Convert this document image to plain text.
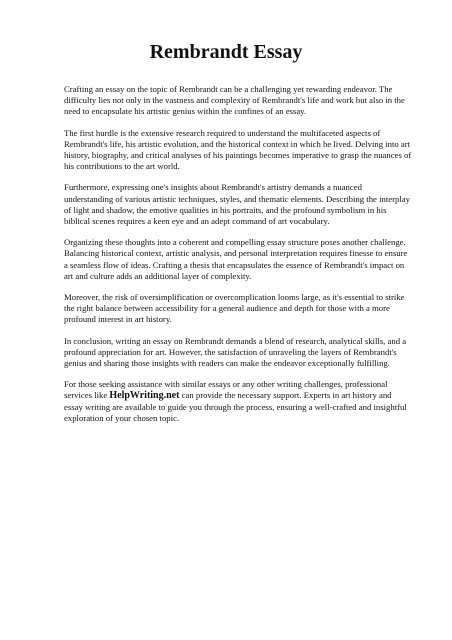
Rembrandt Essay

Crafting an essay on the topic of Rembrandt can be a challenging yet rewarding endeavor. The difficulty lies not only in the vastness and complexity of Rembrandt's life and work but also in the need to encapsulate his artistic genius within the confines of an essay.

The first hurdle is the extensive research required to understand the multifaceted aspects of Rembrandt's life, his artistic evolution, and the historical context in which he lived. Delving into art history, biography, and critical analyses of his paintings becomes imperative to grasp the nuances of his contributions to the art world.

Furthermore, expressing one's insights about Rembrandt's artistry demands a nuanced understanding of various artistic techniques, styles, and thematic elements. Describing the interplay of light and shadow, the emotive qualities in his portraits, and the profound symbolism in his biblical scenes requires a keen eye and an adept command of art vocabulary.

Organizing these thoughts into a coherent and compelling essay structure poses another challenge. Balancing historical context, artistic analysis, and personal interpretation requires finesse to ensure a seamless flow of ideas. Crafting a thesis that encapsulates the essence of Rembrandt's impact on art and culture adds an additional layer of complexity.

Moreover, the risk of oversimplification or overcomplication looms large, as it's essential to strike the right balance between accessibility for a general audience and depth for those with a more profound interest in art history.

In conclusion, writing an essay on Rembrandt demands a blend of research, analytical skills, and a profound appreciation for art. However, the satisfaction of unraveling the layers of Rembrandt's genius and sharing those insights with readers can make the endeavor exceptionally fulfilling.

For those seeking assistance with similar essays or any other writing challenges, professional services like HelpWriting.net can provide the necessary support. Experts in art history and essay writing are available to guide you through the process, ensuring a well-crafted and insightful exploration of your chosen topic.
